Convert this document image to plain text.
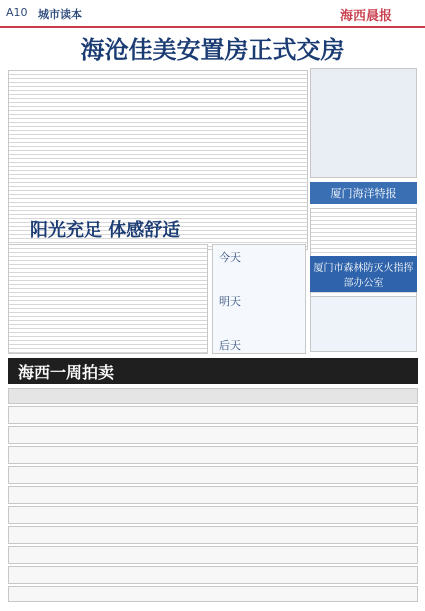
A10 城市读本	海西晨报
海沧佳美安置房正式交房
厦门海洋特报
阳光充足 体感舒适
今天
明天
后天
厦门市森林防灭火指挥部办公室
海西一周拍卖
